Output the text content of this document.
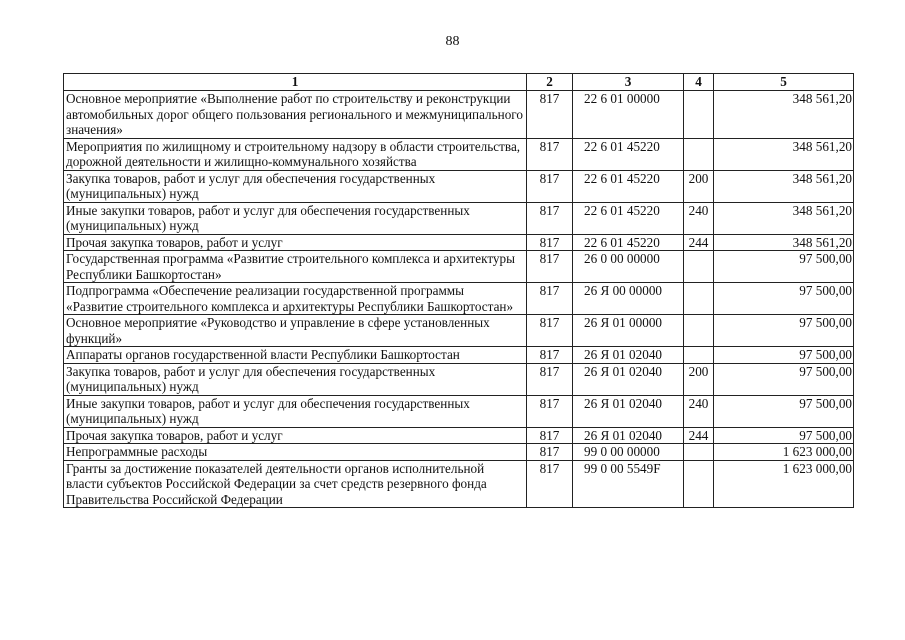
88
1	2	3	4	5
Основное мероприятие «Выполнение работ по строительству и реконструкции автомобильных дорог общего пользования регионального и межмуниципального значения»	817	22 6 01 00000		348 561,20
Мероприятия по жилищному и строительному надзору в области строительства, дорожной деятельности и жилищно-коммунального хозяйства	817	22 6 01 45220		348 561,20
Закупка товаров, работ и услуг для обеспечения государственных (муниципальных) нужд	817	22 6 01 45220	200	348 561,20
Иные закупки товаров, работ и услуг для обеспечения государственных (муниципальных) нужд	817	22 6 01 45220	240	348 561,20
Прочая закупка товаров, работ и услуг	817	22 6 01 45220	244	348 561,20
Государственная программа «Развитие строительного комплекса и архитектуры Республики Башкортостан»	817	26 0 00 00000		97 500,00
Подпрограмма «Обеспечение реализации государственной программы «Развитие строительного комплекса и архитектуры Республики Башкортостан»	817	26 Я 00 00000		97 500,00
Основное мероприятие «Руководство и управление в сфере установленных функций»	817	26 Я 01 00000		97 500,00
Аппараты органов государственной власти Республики Башкортостан	817	26 Я 01 02040		97 500,00
Закупка товаров, работ и услуг для обеспечения государственных (муниципальных) нужд	817	26 Я 01 02040	200	97 500,00
Иные закупки товаров, работ и услуг для обеспечения государственных (муниципальных) нужд	817	26 Я 01 02040	240	97 500,00
Прочая закупка товаров, работ и услуг	817	26 Я 01 02040	244	97 500,00
Непрограммные расходы	817	99 0 00 00000		1 623 000,00
Гранты за достижение показателей деятельности органов исполнительной власти субъектов Российской Федерации за счет средств резервного фонда Правительства Российской Федерации	817	99 0 00 5549F		1 623 000,00
